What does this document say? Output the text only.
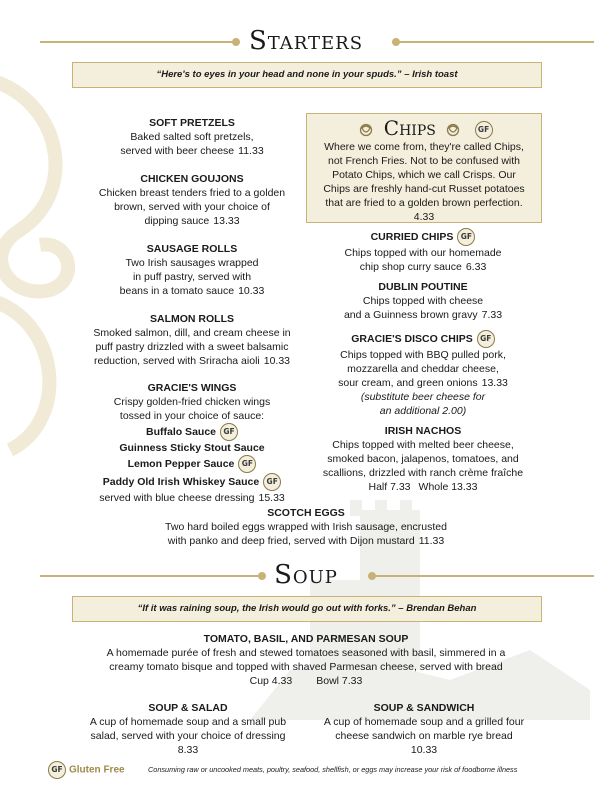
Starters
“Here's to eyes in your head and none in your spuds.” – Irish toast
SOFT PRETZELS
Baked salted soft pretzels,
served with beer cheese 11.33
CHICKEN GOUJONS
Chicken breast tenders fried to a golden
brown, served with your choice of
dipping sauce 13.33
SAUSAGE ROLLS
Two Irish sausages wrapped
in puff pastry, served with
beans in a tomato sauce 10.33
SALMON ROLLS
Smoked salmon, dill, and cream cheese in
puff pastry drizzled with a sweet balsamic
reduction, served with Sriracha aioli 10.33
GRACIE'S WINGS
Crispy golden-fried chicken wings
tossed in your choice of sauce:
Buffalo Sauce GF
Guinness Sticky Stout Sauce
Lemon Pepper Sauce GF
Paddy Old Irish Whiskey Sauce GF
served with blue cheese dressing 15.33
Chips	GF
Where we come from, they're called Chips,
not French Fries. Not to be confused with
Potato Chips, which we call Crisps. Our
Chips are freshly hand-cut Russet potatoes
that are fried to a golden brown perfection.
4.33
CURRIED CHIPS GF
Chips topped with our homemade
chip shop curry sauce 6.33
DUBLIN POUTINE
Chips topped with cheese
and a Guinness brown gravy 7.33
GRACIE'S DISCO CHIPS GF
Chips topped with BBQ pulled pork,
mozzarella and cheddar cheese,
sour cream, and green onions 13.33
(substitute beer cheese for
an additional 2.00)
IRISH NACHOS
Chips topped with melted beer cheese,
smoked bacon, jalapenos, tomatoes, and
scallions, drizzled with ranch crème fraîche
Half 7.33 Whole 13.33
SCOTCH EGGS
Two hard boiled eggs wrapped with Irish sausage, encrusted
with panko and deep fried, served with Dijon mustard 11.33
Soup
“If it was raining soup, the Irish would go out with forks.” – Brendan Behan
TOMATO, BASIL, AND PARMESAN SOUP
A homemade purée of fresh and stewed tomatoes seasoned with basil, simmered in a
creamy tomato bisque and topped with shaved Parmesan cheese, served with bread
Cup 4.33 Bowl 7.33
SOUP & SALAD
A cup of homemade soup and a small pub
salad, served with your choice of dressing
8.33
SOUP & SANDWICH
A cup of homemade soup and a grilled four
cheese sandwich on marble rye bread
10.33
GF Gluten Free	Consuming raw or uncooked meats, poultry, seafood, shellfish, or eggs may increase your risk of foodborne illness
